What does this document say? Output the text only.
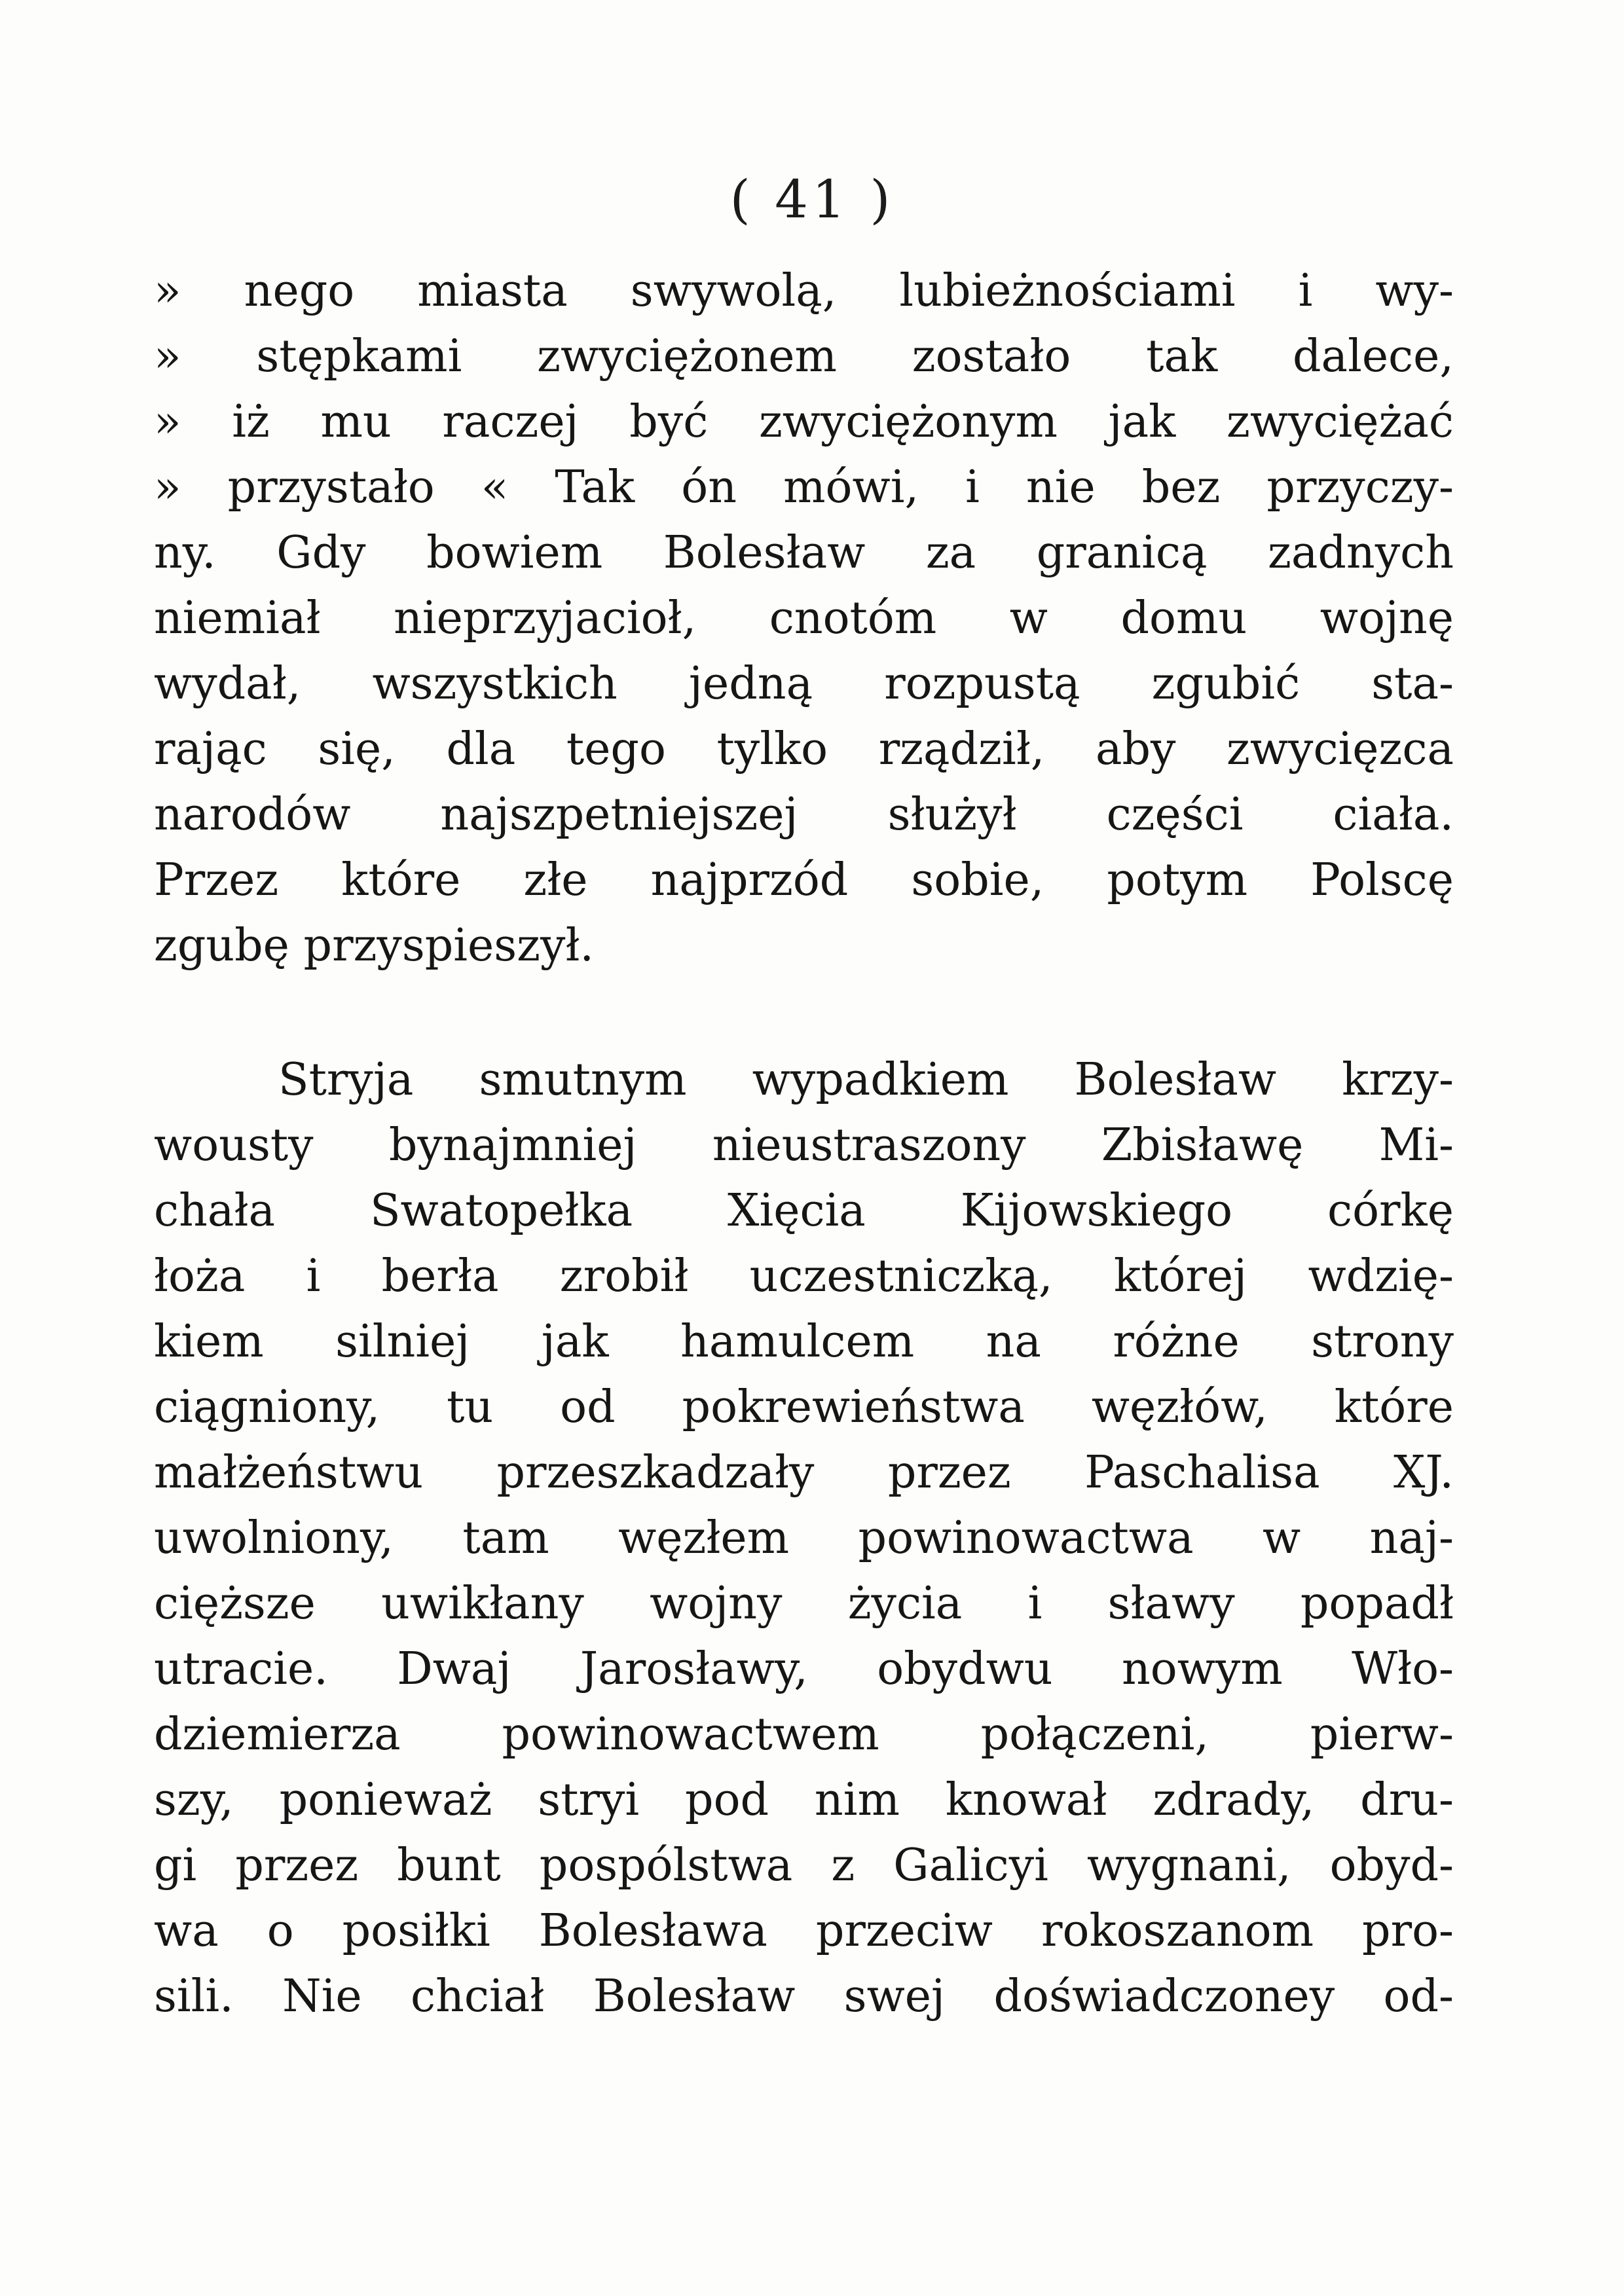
( 41 )
» nego miasta swywolą, lubieżnościami i wy-
» stępkami zwyciężonem zostało tak dalece,
» iż mu raczej być zwyciężonym jak zwyciężać
» przystało « Tak ón mówi, i nie bez przyczy-
ny. Gdy bowiem Bolesław za granicą zadnych
niemiał nieprzyjacioł, cnotóm w domu wojnę
wydał, wszystkich jedną rozpustą zgubić sta-
rając się, dla tego tylko rządził, aby zwycięzca
narodów najszpetniejszej służył części ciała.
Przez które złe najprzód sobie, potym Polscę
zgubę przyspieszył.
Stryja smutnym wypadkiem Bolesław krzy-
wousty bynajmniej nieustraszony Zbisławę Mi-
chała Swatopełka Xięcia Kijowskiego córkę
łoża i berła zrobił uczestniczką, której wdzię-
kiem silniej jak hamulcem na różne strony
ciągniony, tu od pokrewieństwa węzłów, które
małżeństwu przeszkadzały przez Paschalisa XJ.
uwolniony, tam węzłem powinowactwa w naj-
cięższe uwikłany wojny życia i sławy popadł
utracie. Dwaj Jarosławy, obydwu nowym Wło-
dziemierza powinowactwem połączeni, pierw-
szy, ponieważ stryi pod nim knował zdrady, dru-
gi przez bunt pospólstwa z Galicyi wygnani, obyd-
wa o posiłki Bolesława przeciw rokoszanom pro-
sili. Nie chciał Bolesław swej doświadczoney od-
